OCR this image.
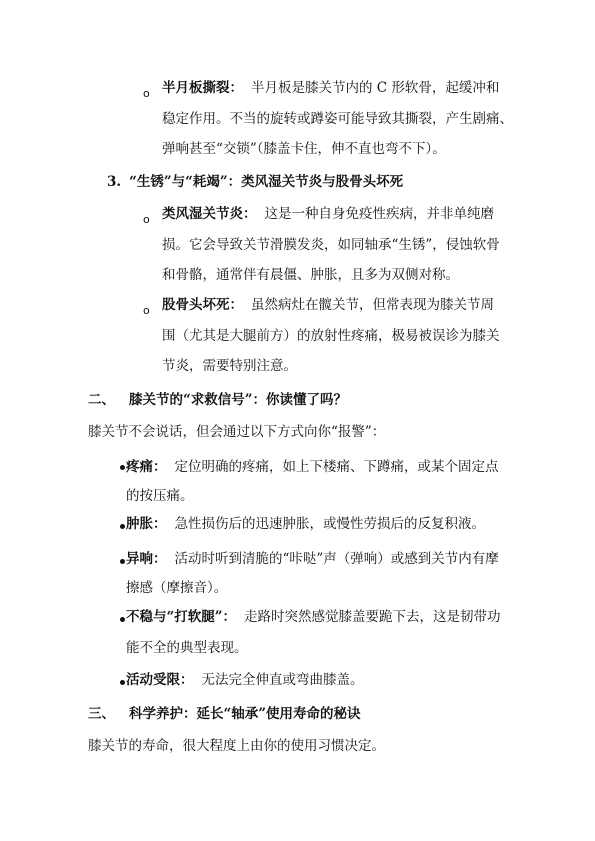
o 半月板撕裂： 半月板是膝关节内的 C 形软骨，起缓冲和
稳定作用。不当的旋转或蹲姿可能导致其撕裂，产生剧痛、
弹响甚至“交锁”（膝盖卡住，伸不直也弯不下）。
3. “生锈”与“耗竭”：类风湿关节炎与股骨头坏死
o 类风湿关节炎： 这是一种自身免疫性疾病，并非单纯磨
损。它会导致关节滑膜发炎，如同轴承“生锈”，侵蚀软骨
和骨骼，通常伴有晨僵、肿胀，且多为双侧对称。
o 股骨头坏死： 虽然病灶在髋关节，但常表现为膝关节周
围（尤其是大腿前方）的放射性疼痛，极易被误诊为膝关
节炎，需要特别注意。
二、 膝关节的“求救信号”：你读懂了吗？
膝关节不会说话，但会通过以下方式向你“报警”：
疼痛： 定位明确的疼痛，如上下楼痛、下蹲痛，或某个固定点
的按压痛。
肿胀： 急性损伤后的迅速肿胀，或慢性劳损后的反复积液。
异响： 活动时听到清脆的“咔哒”声（弹响）或感到关节内有摩
擦感（摩擦音）。
不稳与“打软腿”： 走路时突然感觉膝盖要跪下去，这是韧带功
能不全的典型表现。
活动受限： 无法完全伸直或弯曲膝盖。
三、 科学养护：延长“轴承”使用寿命的秘诀
膝关节的寿命，很大程度上由你的使用习惯决定。
